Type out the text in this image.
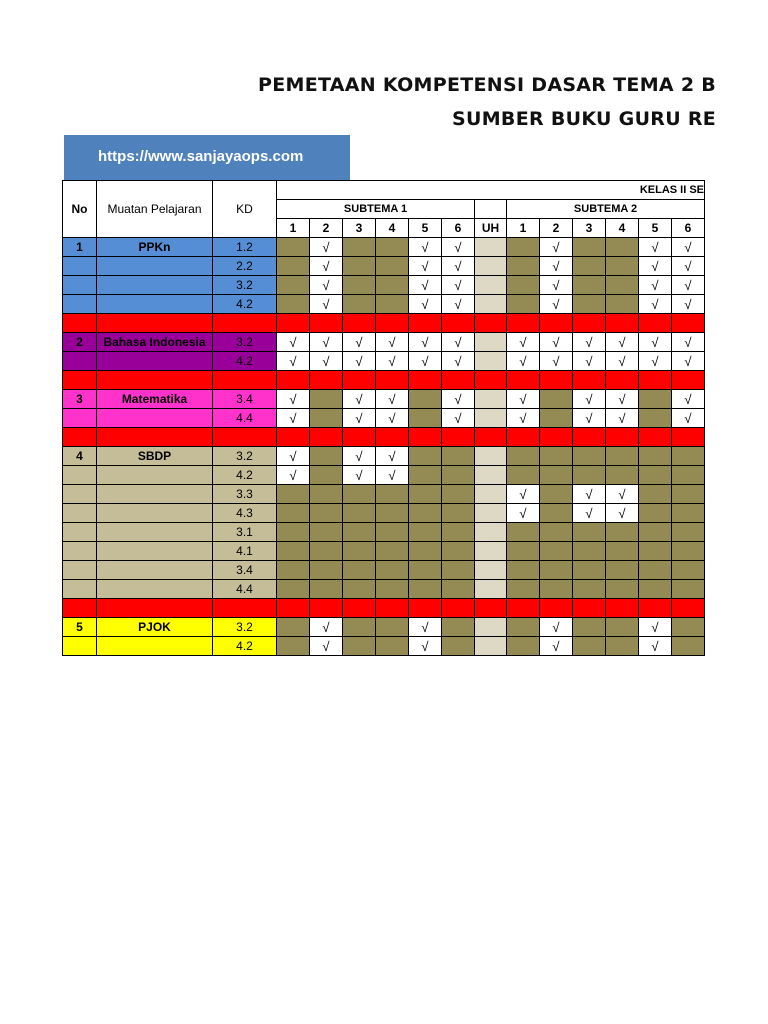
PEMETAAN KOMPETENSI DASAR TEMA 2 B
SUMBER BUKU GURU RE
https://www.sanjayaops.com
No	Muatan Pelajaran	KD	KELAS II SE												
			SUBTEMA 1							SUBTEMA 2					
			1	2	3	4	5	6	UH	1	2	3	4	5	6
1	PPKn	1.2		√			√	√			√			√	√
		2.2		√			√	√			√			√	√
		3.2		√			√	√			√			√	√
		4.2		√			√	√			√			√	√

2	Bahasa Indonesia	3.2	√	√	√	√	√	√		√	√	√	√	√	√
		4.2	√	√	√	√	√	√		√	√	√	√	√	√

3	Matematika	3.4	√		√	√		√		√		√	√		√
		4.4	√		√	√		√		√		√	√		√

4	SBDP	3.2	√		√	√									
		4.2	√		√	√									
		3.3								√		√	√		
		4.3								√		√	√		
		3.1													
		4.1													
		3.4													
		4.4													

5	PJOK	3.2		√			√				√			√	
		4.2		√			√				√			√	
